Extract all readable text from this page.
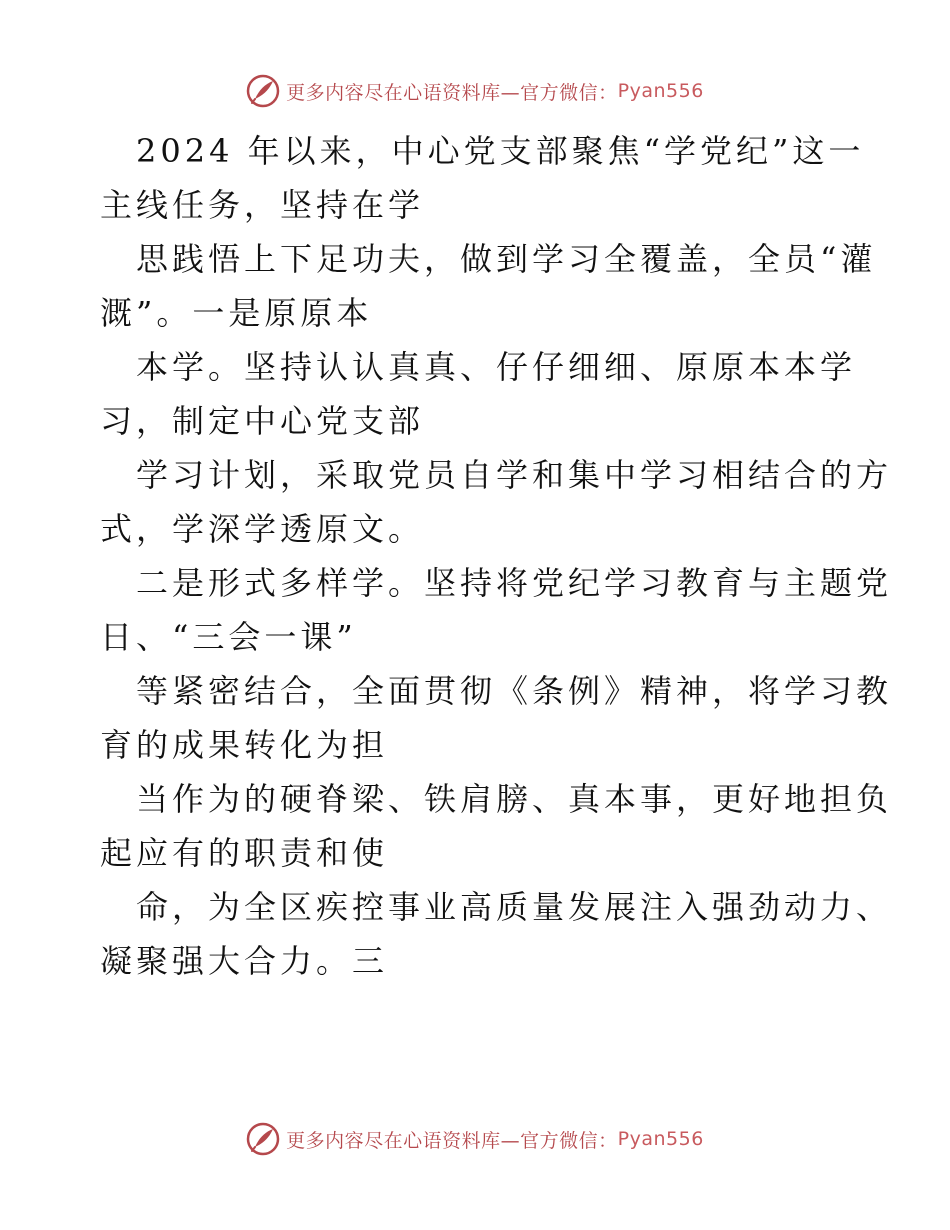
更多内容尽在心语资料库—官方微信： Pyan556
2024 年以来，中心党支部聚焦“学党纪”这一
主线任务，坚持在学
思践悟上下足功夫，做到学习全覆盖，全员“灌
溉”。一是原原本
本学。坚持认认真真、仔仔细细、原原本本学
习，制定中心党支部
学习计划，采取党员自学和集中学习相结合的方
式，学深学透原文。
二是形式多样学。坚持将党纪学习教育与主题党
日、“三会一课”
等紧密结合，全面贯彻《条例》精神，将学习教
育的成果转化为担
当作为的硬脊梁、铁肩膀、真本事，更好地担负
起应有的职责和使
命，为全区疾控事业高质量发展注入强劲动力、
凝聚强大合力。三
更多内容尽在心语资料库—官方微信： Pyan556
